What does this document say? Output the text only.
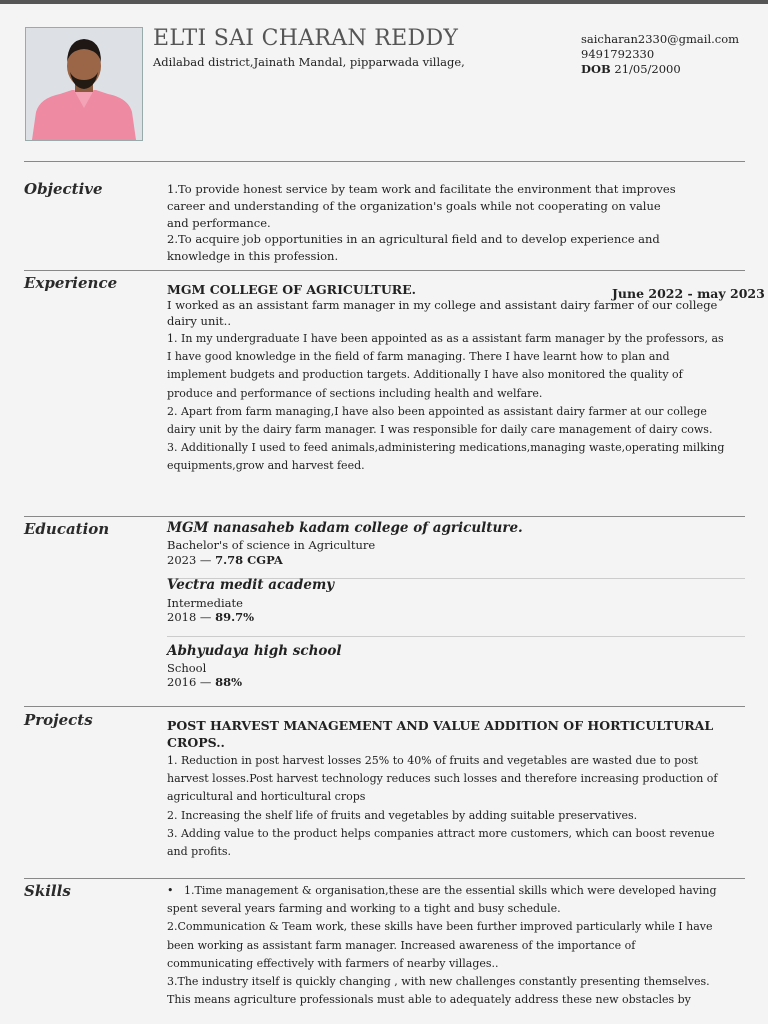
ELTI SAI CHARAN REDDY
Adilabad district,Jainath Mandal, pipparwada village,
saicharan2330@gmail.com
9491792330
DOB 21/05/2000
Objective	1.To provide honest service by team work and facilitate the environment that improves
career and understanding of the organization's goals while not cooperating on value
and performance.
2.To acquire job opportunities in an agricultural field and to develop experience and
knowledge in this profession.
Experience	MGM COLLEGE OF AGRICULTURE.	June 2022 - may 2023
I worked as an assistant farm manager in my college and assistant dairy farmer of our college
dairy unit..
1. In my undergraduate I have been appointed as as a assistant farm manager by the professors, as
I have good knowledge in the field of farm managing. There I have learnt how to plan and
implement budgets and production targets. Additionally I have also monitored the quality of
produce and performance of sections including health and welfare.
2. Apart from farm managing,I have also been appointed as assistant dairy farmer at our college
dairy unit by the dairy farm manager. I was responsible for daily care management of dairy cows.
3. Additionally I used to feed animals,administering medications,managing waste,operating milking
equipments,grow and harvest feed.
Education	MGM nanasaheb kadam college of agriculture.
Bachelor's of science in Agriculture
2023 — 7.78 CGPA
Vectra medit academy
Intermediate
2018 — 89.7%
Abhyudaya high school
School
2016 — 88%
Projects	POST HARVEST MANAGEMENT AND VALUE ADDITION OF HORTICULTURAL CROPS..
1. Reduction in post harvest losses 25% to 40% of fruits and vegetables are wasted due to post
harvest losses.Post harvest technology reduces such losses and therefore increasing production of
agricultural and horticultural crops
2. Increasing the shelf life of fruits and vegetables by adding suitable preservatives.
3. Adding value to the product helps companies attract more customers, which can boost revenue
and profits.
Skills	• 1.Time management & organisation,these are the essential skills which were developed having
spent several years farming and working to a tight and busy schedule.
2.Communication & Team work, these skills have been further improved particularly while I have
been working as assistant farm manager. Increased awareness of the importance of
communicating effectively with farmers of nearby villages..
3.The industry itself is quickly changing , with new challenges constantly presenting themselves.
This means agriculture professionals must able to adequately address these new obstacles by
